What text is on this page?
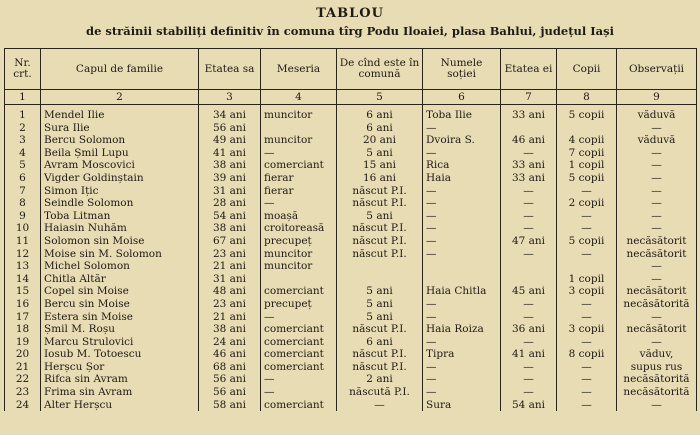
TABLOU
de străinii stabiliți definitiv în comuna tîrg Podu Iloaiei, plasa Bahlui, județul Iași
Nr. crt.	Capul de familie	Etatea sa	Meseria	De cînd este în comună	Numele soției	Etatea ei	Copii	Observații
1	2	3	4	5	6	7	8	9
1	Mendel Ilie	34 ani	muncitor	6 ani	Toba Ilie	33 ani	5 copii	văduvă
2	Sura Ilie	56 ani		6 ani	—			—
3	Bercu Solomon	49 ani	muncitor	20 ani	Dvoira S.	46 ani	4 copii	văduvă
4	Beila Șmil Lupu	41 ani	—	5 ani	—	—	7 copii	—
5	Avram Moscovici	38 ani	comerciant	15 ani	Rica	33 ani	1 copil	—
6	Vigder Goldinștain	39 ani	fierar	16 ani	Haia	33 ani	5 copii	—
7	Simon Ițic	31 ani	fierar	născut P.I.	—	—	—	—
8	Seindle Solomon	28 ani	—	născut P.I.	—	—	2 copii	—
9	Toba Litman	54 ani	moașă	5 ani	—	—	—	—
10	Haiasin Nuhăm	38 ani	croitoreasă	născut P.I.	—	—	—	—
11	Solomon sin Moise	67 ani	precupeț	născut P.I.	—	47 ani	5 copii	necăsătorit
12	Moise sin M. Solomon	23 ani	muncitor	născut P.I.	—	—	—	necăsătorit
13	Michel Solomon	21 ani	muncitor					—
14	Chitla Altăr	31 ani					1 copil	—
15	Copel sin Moise	48 ani	comerciant	5 ani	Haia Chitla	45 ani	3 copii	necăsătorit
16	Bercu sin Moise	23 ani	precupeț	5 ani	—	—	—	necăsătorită
17	Estera sin Moise	21 ani	—	5 ani	—	—	—	—
18	Șmil M. Roșu	38 ani	comerciant	născut P.I.	Haia Roiza	36 ani	3 copii	necăsătorit
19	Marcu Strulovici	24 ani	comerciant	6 ani	—	—	—	—
20	Iosub M. Totoescu	46 ani	comerciant	născut P.I.	Tipra	41 ani	8 copii	văduv,
21	Herșcu Șor	68 ani	comerciant	născut P.I.	—	—	—	supus rus
22	Rifca sin Avram	56 ani	—	2 ani	—	—	—	necăsătorită
23	Frima sin Avram	56 ani	—	născută P.I.	—	—	—	necăsătorită
24	Alter Herșcu	58 ani	comerciant	—	Sura	54 ani	—	—
